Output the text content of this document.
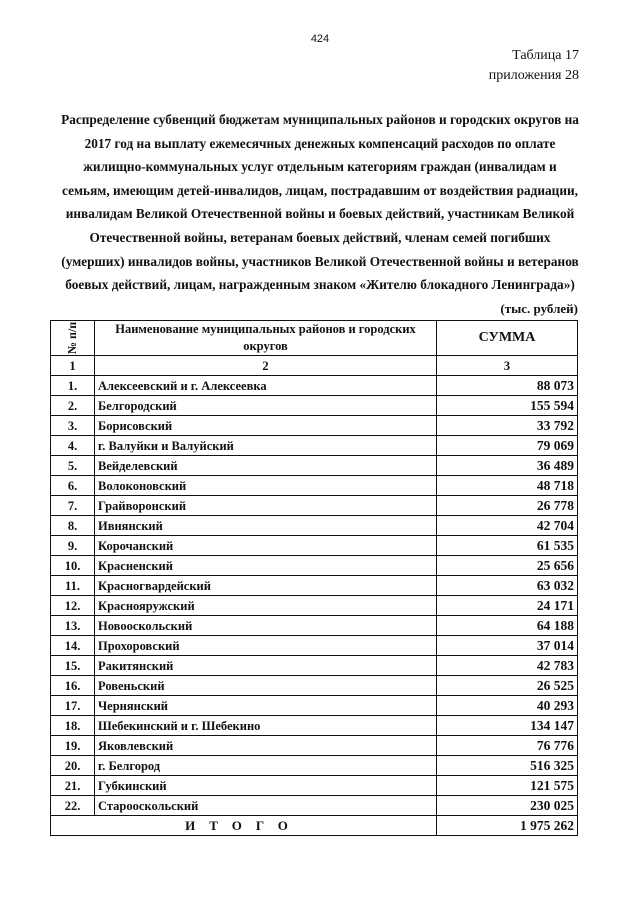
424
Таблица 17
приложения 28
Распределение субвенций бюджетам муниципальных районов и городских округов на
2017 год на выплату ежемесячных денежных компенсаций расходов по оплате
жилищно-коммунальных услуг отдельным категориям граждан (инвалидам и
семьям, имеющим детей-инвалидов, лицам, пострадавшим от воздействия радиации,
инвалидам Великой Отечественной войны и боевых действий, участникам Великой
Отечественной войны, ветеранам боевых действий, членам семей погибших
(умерших) инвалидов войны, участников Великой Отечественной войны и ветеранов
боевых действий, лицам, награжденным знаком «Жителю блокадного Ленинграда»)
(тыс. рублей)
№ п/п	Наименование муниципальных районов и городских округов	СУММА
1	2	3
1.	Алексеевский и г. Алексеевка	88 073
2.	Белгородский	155 594
3.	Борисовский	33 792
4.	г. Валуйки и Валуйский	79 069
5.	Вейделевский	36 489
6.	Волоконовский	48 718
7.	Грайворонский	26 778
8.	Ивнянский	42 704
9.	Корочанский	61 535
10.	Красненский	25 656
11.	Красногвардейский	63 032
12.	Краснояружский	24 171
13.	Новооскольский	64 188
14.	Прохоровский	37 014
15.	Ракитянский	42 783
16.	Ровеньский	26 525
17.	Чернянский	40 293
18.	Шебекинский и г. Шебекино	134 147
19.	Яковлевский	76 776
20.	г. Белгород	516 325
21.	Губкинский	121 575
22.	Старооскольский	230 025
ИТОГО		1 975 262
